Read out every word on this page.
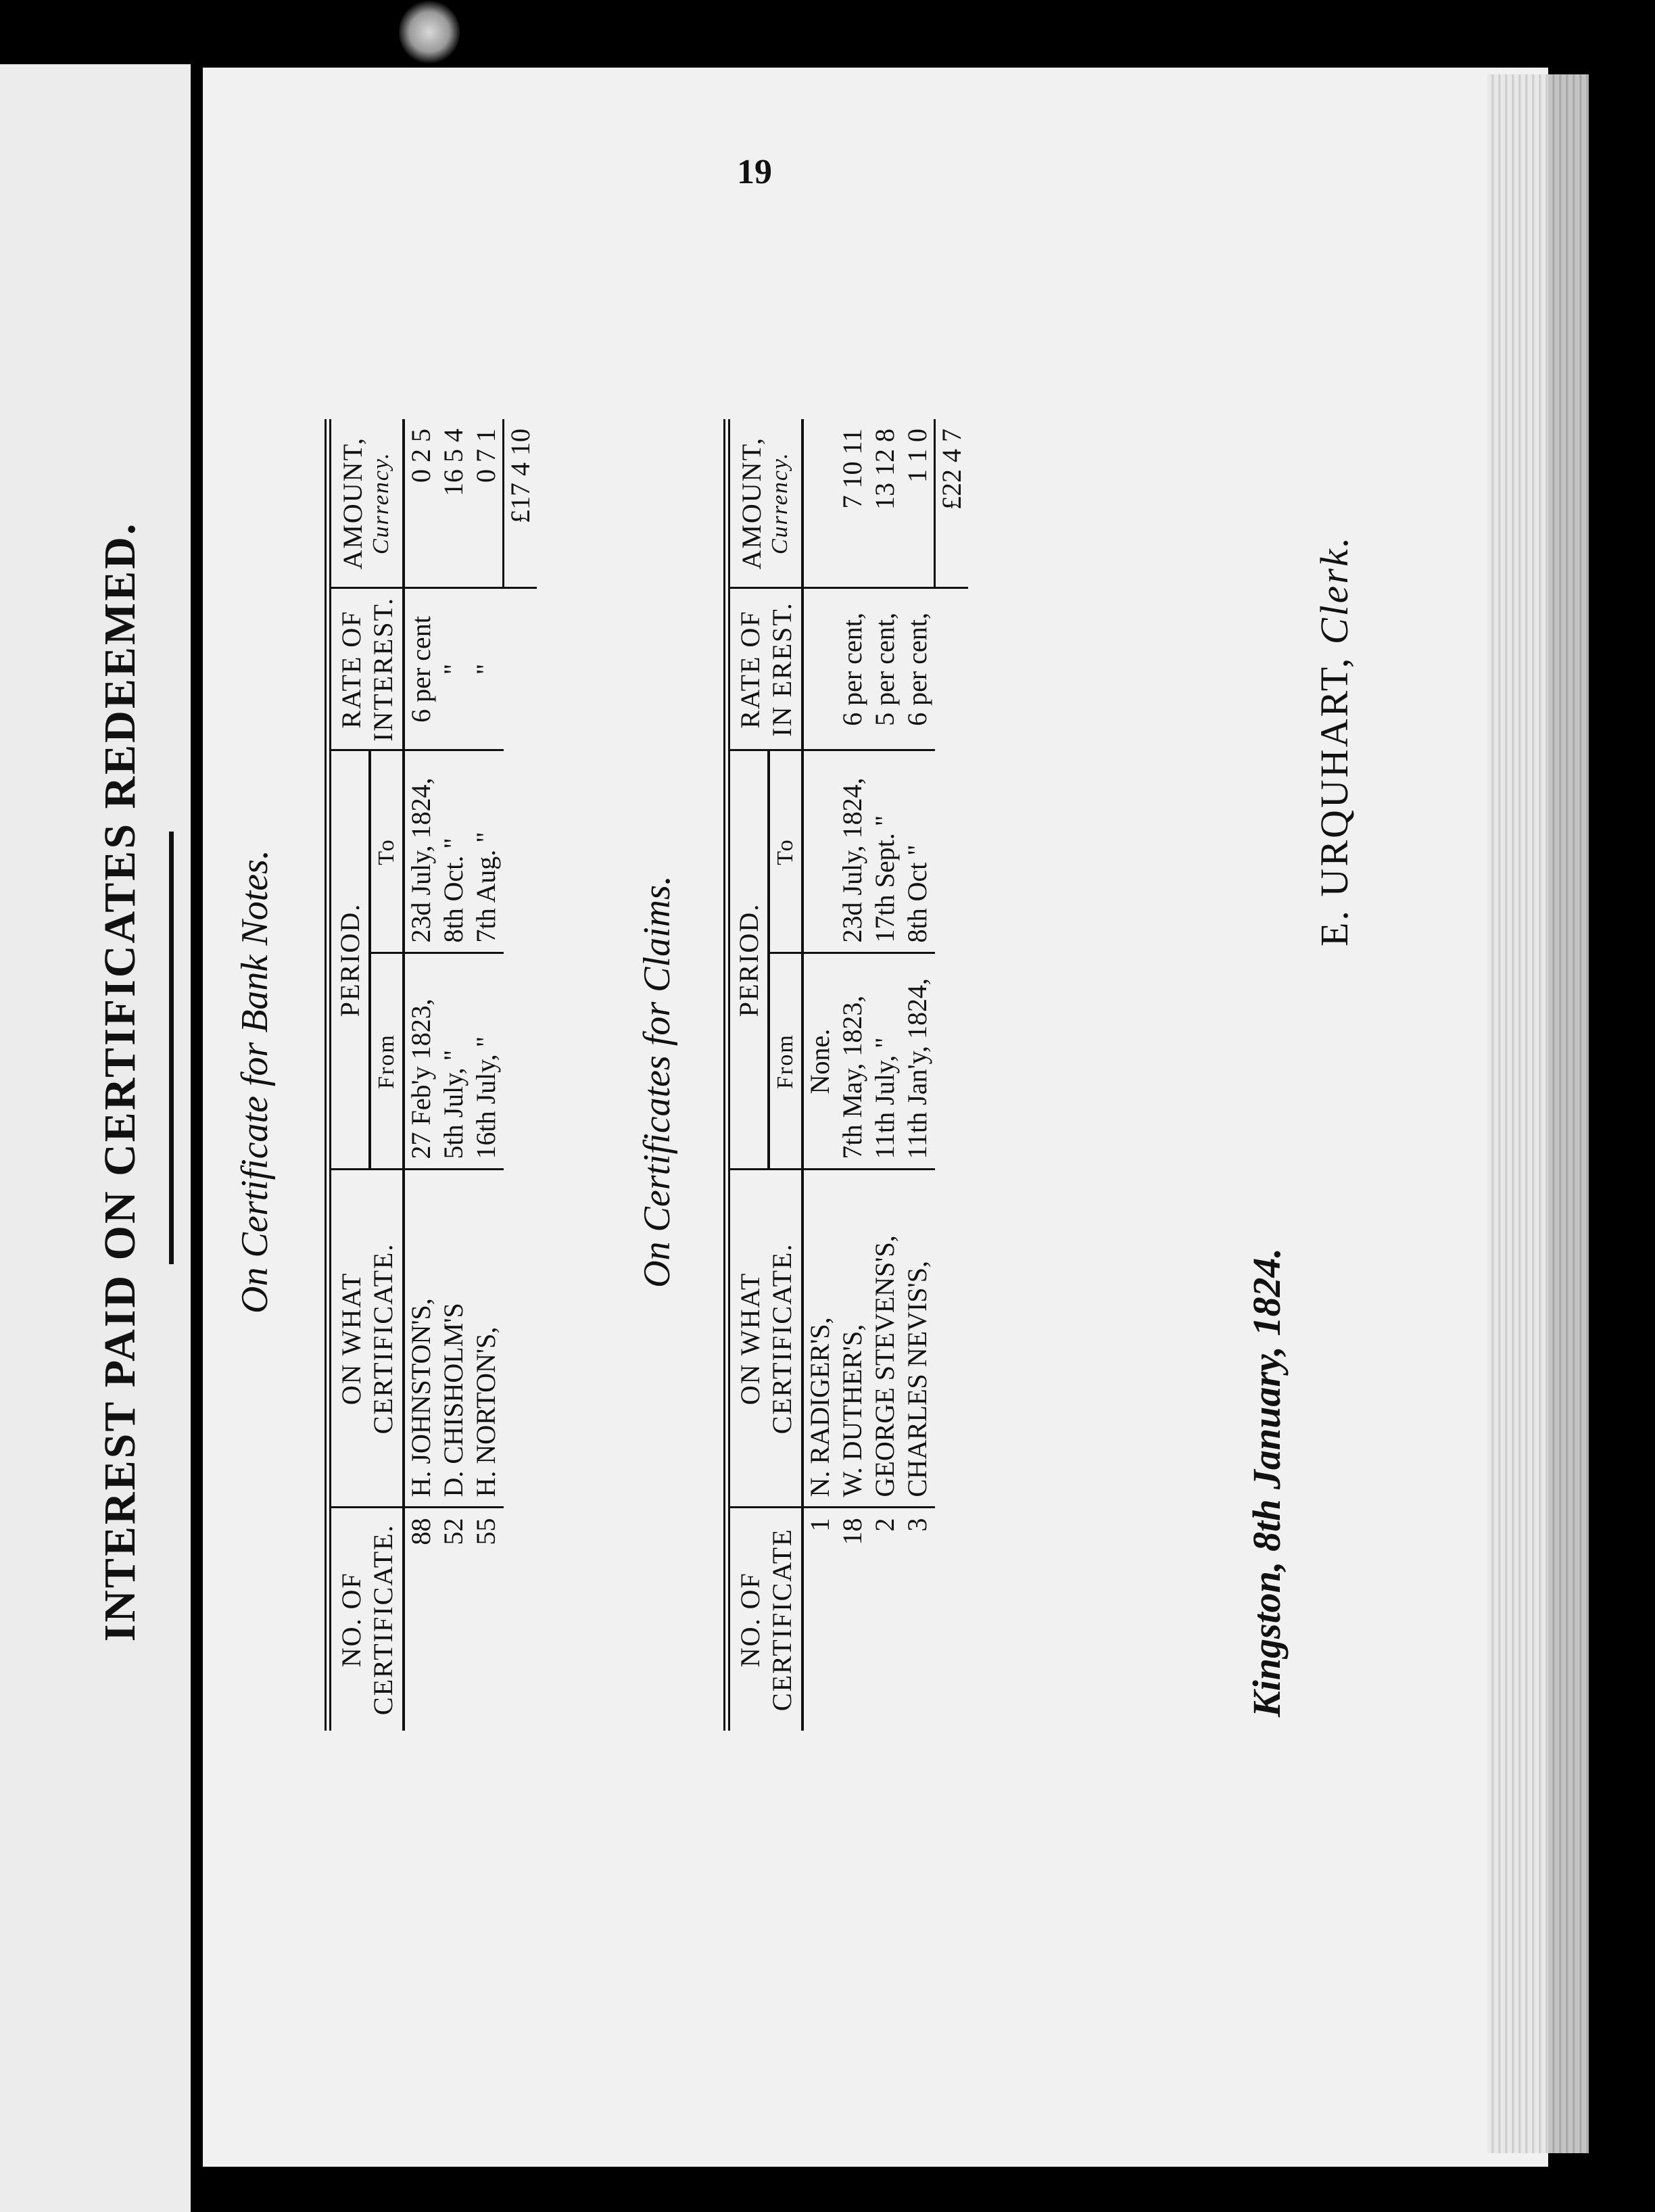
19
INTEREST PAID ON CERTIFICATES REDEEMED. On Certificate for Bank Notes.
NO. OF CERTIFICATE.	ON WHAT CERTIFICATE.	PERIOD.		RATE OF INTEREST.	AMOUNT, Currency.

		From	To		
88	H. JOHNSTON'S,	27 Feb'y 1823,	23d July, 1824,	6 per cent	0 2 5
52	D. CHISHOLM'S	5th July, "	8th Oct. "	"	16 5 4
55	H. NORTON'S,	16th July, "	7th Aug. "	"	0 7 1
					£17 4 10
On Certificates for Claims.
NO. OF CERTIFICATE	ON WHAT CERTIFICATE.	PERIOD.		RATE OF IN EREST.	AMOUNT, Currency.

		From	To		
1	N. RADIGER'S,	None.			
18	W. DUTHER'S,	7th May, 1823,	23d July, 1824,	6 per cent,	7 10 11
2	GEORGE STEVENS'S,	11th July, "	17th Sept. "	5 per cent,	13 12 8
3	CHARLES NEVIS'S,	11th Jan'y, 1824,	8th Oct "	6 per cent,	1 1 0
					£22 4 7
Kingston, 8th January, 1824.
E. URQUHART, Clerk.
